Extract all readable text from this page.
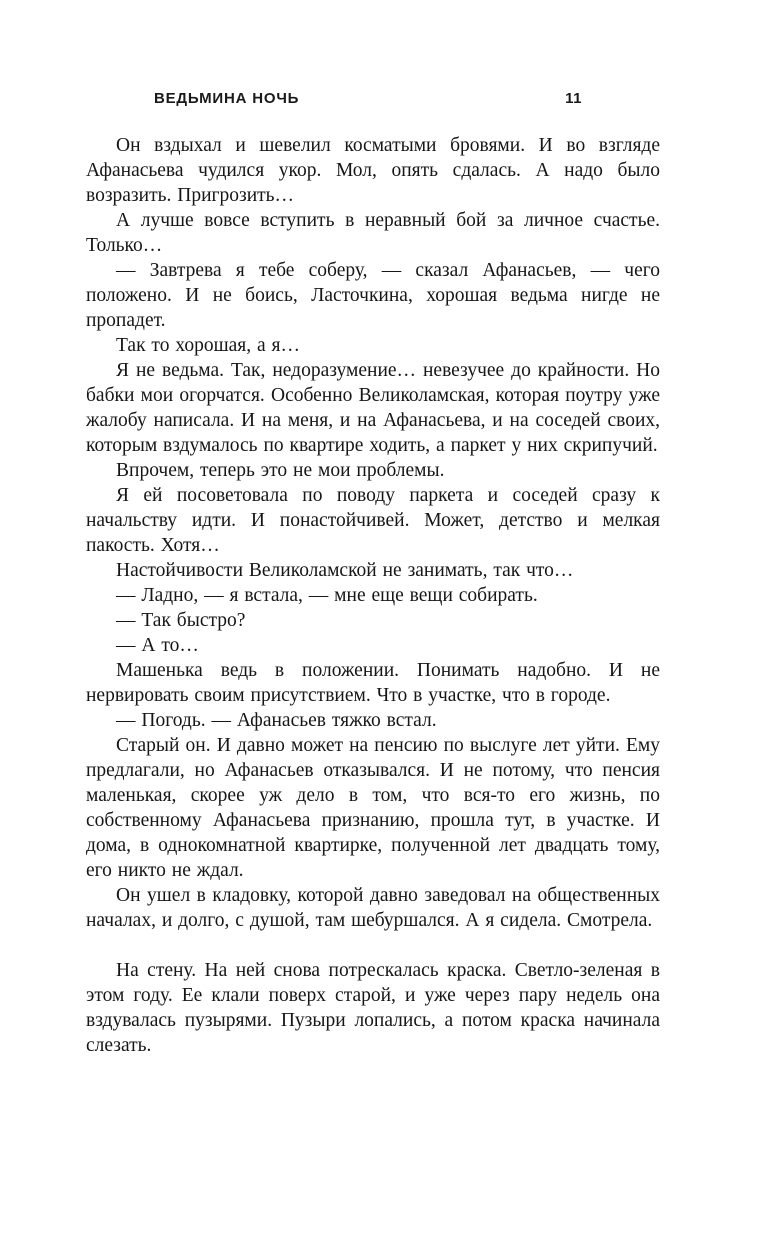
ВЕДЬМИНА НОЧЬ	11

Он вздыхал и шевелил косматыми бровями. И во взгляде Афанасьева чудился укор. Мол, опять сдалась. А надо было возразить. Пригрозить…

А лучше вовсе вступить в неравный бой за личное счастье. Только…

— Завтрева я тебе соберу, — сказал Афанасьев, — чего положено. И не боись, Ласточкина, хорошая ведьма нигде не пропадет.

Так то хорошая, а я…

Я не ведьма. Так, недоразумение… невезучее до крайности. Но бабки мои огорчатся. Особенно Великоламская, которая поутру уже жалобу написала. И на меня, и на Афанасьева, и на соседей своих, которым вздумалось по квартире ходить, а паркет у них скрипучий.

Впрочем, теперь это не мои проблемы.

Я ей посоветовала по поводу паркета и соседей сразу к начальству идти. И понастойчивей. Может, детство и мелкая пакость. Хотя…

Настойчивости Великоламской не занимать, так что…

— Ладно, — я встала, — мне еще вещи собирать.

— Так быстро?

— А то…

Машенька ведь в положении. Понимать надобно. И не нервировать своим присутствием. Что в участке, что в городе.

— Погодь. — Афанасьев тяжко встал.

Старый он. И давно может на пенсию по выслуге лет уйти. Ему предлагали, но Афанасьев отказывался. И не потому, что пенсия маленькая, скорее уж дело в том, что вся-то его жизнь, по собственному Афанасьева признанию, прошла тут, в участке. И дома, в однокомнатной квартирке, полученной лет двадцать тому, его никто не ждал.

Он ушел в кладовку, которой давно заведовал на общественных началах, и долго, с душой, там шебуршался. А я сидела. Смотрела.

На стену. На ней снова потрескалась краска. Светло-зеленая в этом году. Ее клали поверх старой, и уже через пару недель она вздувалась пузырями. Пузыри лопались, а потом краска начинала слезать.
